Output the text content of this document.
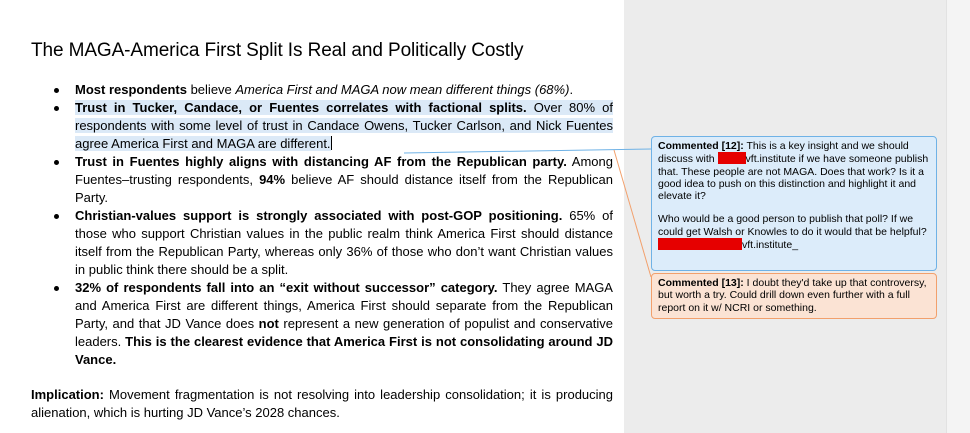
The MAGA-America First Split Is Real and Politically Costly
Most respondents believe America First and MAGA now mean different things (68%).
Trust in Tucker, Candace, or Fuentes correlates with factional splits. Over 80% of respondents with some level of trust in Candace Owens, Tucker Carlson, and Nick Fuentes agree America First and MAGA are different.
Trust in Fuentes highly aligns with distancing AF from the Republican party. Among Fuentes–trusting respondents, 94% believe AF should distance itself from the Republican Party.
Christian-values support is strongly associated with post-GOP positioning. 65% of those who support Christian values in the public realm think America First should distance itself from the Republican Party, whereas only 36% of those who don’t want Christian values in public think there should be a split.
32% of respondents fall into an “exit without successor” category. They agree MAGA and America First are different things, America First should separate from the Republican Party, and that JD Vance does not represent a new generation of populist and conservative leaders. This is the clearest evidence that America First is not consolidating around JD Vance.

Implication: Movement fragmentation is not resolving into leadership consolidation; it is producing alienation, which is hurting JD Vance’s 2028 chances.

Commented [12]: This is a key insight and we should discuss with	vft.institute if we have someone publish that. These people are not MAGA. Does that work? Is it a good idea to push on this distinction and highlight it and elevate it?

Who would be a good person to publish that poll? If we could get Walsh or Knowles to do it would that be helpful?

vft.institute_

Commented [13]: I doubt they'd take up that controversy, but worth a try. Could drill down even further with a full report on it w/ NCRI or something.
